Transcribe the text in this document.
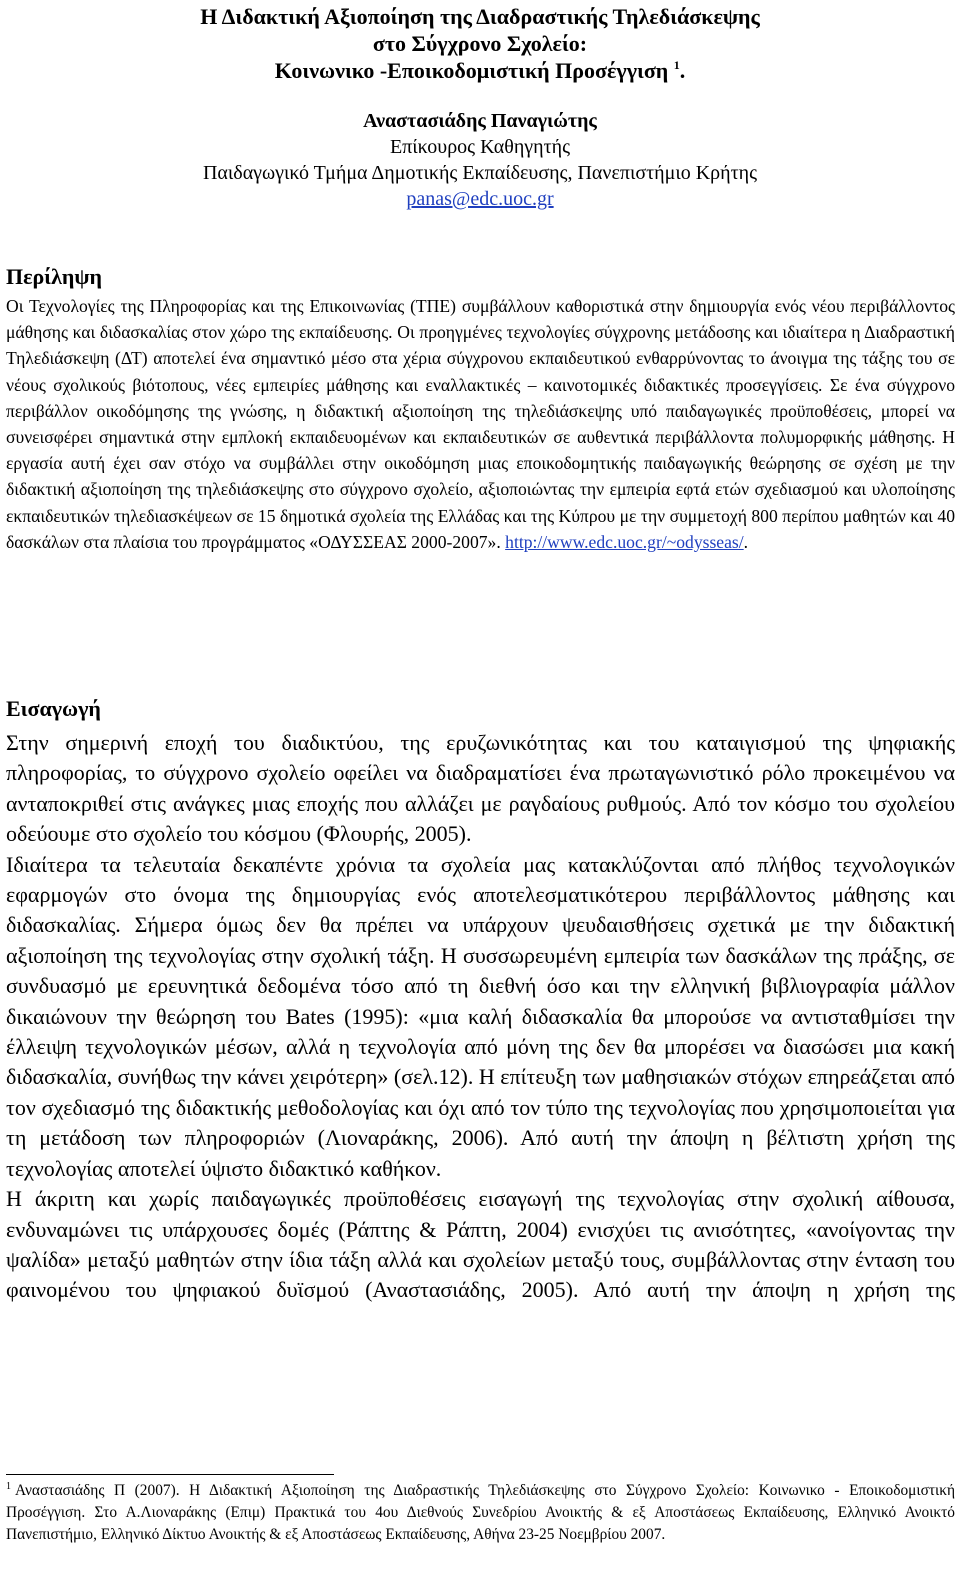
Η Διδακτική Αξιοποίηση της Διαδραστικής Τηλεδιάσκεψης
στο Σύγχρονο Σχολείο:
Κοινωνικο -Εποικοδομιστική Προσέγγιση $^1$.
Αναστασιάδης Παναγιώτης
Επίκουρος Καθηγητής
Παιδαγωγικό Τμήμα Δημοτικής Εκπαίδευσης, Πανεπιστήμιο Κρήτης
panas@edc.uoc.gr
Περίληψη
Οι Τεχνολογίες της Πληροφορίας και της Επικοινωνίας (ΤΠΕ) συμβάλλουν καθοριστικά στην δημιουργία ενός νέου περιβάλλοντος μάθησης και διδασκαλίας στον χώρο της εκπαίδευσης. Οι προηγμένες τεχνολογίες σύγχρονης μετάδοσης και ιδιαίτερα η Διαδραστική Τηλεδιάσκεψη (ΔΤ) αποτελεί ένα σημαντικό μέσο στα χέρια σύγχρονου εκπαιδευτικού ενθαρρύνοντας το άνοιγμα της τάξης του σε νέους σχολικούς βιότοπους, νέες εμπειρίες μάθησης και εναλλακτικές – καινοτομικές διδακτικές προσεγγίσεις. Σε ένα σύγχρονο περιβάλλον οικοδόμησης της γνώσης, η διδακτική αξιοποίηση της τηλεδιάσκεψης υπό παιδαγωγικές προϋποθέσεις, μπορεί να συνεισφέρει σημαντικά στην εμπλοκή εκπαιδευομένων και εκπαιδευτικών σε αυθεντικά περιβάλλοντα πολυμορφικής μάθησης. Η εργασία αυτή έχει σαν στόχο να συμβάλλει στην οικοδόμηση μιας εποικοδομητικής παιδαγωγικής θεώρησης σε σχέση με την διδακτική αξιοποίηση της τηλεδιάσκεψης στο σύγχρονο σχολείο, αξιοποιώντας την εμπειρία εφτά ετών σχεδιασμού και υλοποίησης εκπαιδευτικών τηλεδιασκέψεων σε 15 δημοτικά σχολεία της Ελλάδας και της Κύπρου με την συμμετοχή 800 περίπου μαθητών και 40 δασκάλων στα πλαίσια του προγράμματος «ΟΔΥΣΣΕΑΣ 2000-2007». http://www.edc.uoc.gr/~odysseas/.
Εισαγωγή

Στην σημερινή εποχή του διαδικτύου, της ερυζωνικότητας και του καταιγισμού της ψηφιακής πληροφορίας, το σύγχρονο σχολείο οφείλει να διαδραματίσει ένα πρωταγωνιστικό ρόλο προκειμένου να ανταποκριθεί στις ανάγκες μιας εποχής που αλλάζει με ραγδαίους ρυθμούς. Από τον κόσμο του σχολείου οδεύουμε στο σχολείο του κόσμου (Φλουρής, 2005).

Ιδιαίτερα τα τελευταία δεκαπέντε χρόνια τα σχολεία μας κατακλύζονται από πλήθος τεχνολογικών εφαρμογών στο όνομα της δημιουργίας ενός αποτελεσματικότερου περιβάλλοντος μάθησης και διδασκαλίας. Σήμερα όμως δεν θα πρέπει να υπάρχουν ψευδαισθήσεις σχετικά με την διδακτική αξιοποίηση της τεχνολογίας στην σχολική τάξη. Η συσσωρευμένη εμπειρία των δασκάλων της πράξης, σε συνδυασμό με ερευνητικά δεδομένα τόσο από τη διεθνή όσο και την ελληνική βιβλιογραφία μάλλον δικαιώνουν την θεώρηση του Bates (1995): «μια καλή διδασκαλία θα μπορούσε να αντισταθμίσει την έλλειψη τεχνολογικών μέσων, αλλά η τεχνολογία από μόνη της δεν θα μπορέσει να διασώσει μια κακή διδασκαλία, συνήθως την κάνει χειρότερη» (σελ.12). Η επίτευξη των μαθησιακών στόχων επηρεάζεται από τον σχεδιασμό της διδακτικής μεθοδολογίας και όχι από τον τύπο της τεχνολογίας που χρησιμοποιείται για τη μετάδοση των πληροφοριών (Λιοναράκης, 2006). Από αυτή την άποψη η βέλτιστη χρήση της τεχνολογίας αποτελεί ύψιστο διδακτικό καθήκον.

Η άκριτη και χωρίς παιδαγωγικές προϋποθέσεις εισαγωγή της τεχνολογίας στην σχολική αίθουσα, ενδυναμώνει τις υπάρχουσες δομές (Ράπτης & Ράπτη, 2004) ενισχύει τις ανισότητες, «ανοίγοντας την ψαλίδα» μεταξύ μαθητών στην ίδια τάξη αλλά και σχολείων μεταξύ τους, συμβάλλοντας στην ένταση του φαινομένου του ψηφιακού δυϊσμού (Αναστασιάδης, 2005). Από αυτή την άποψη η χρήση της

$^1$ Αναστασιάδης Π (2007). Η Διδακτική Αξιοποίηση της Διαδραστικής Τηλεδιάσκεψης στο Σύγχρονο Σχολείο: Κοινωνικο - Εποικοδομιστική Προσέγγιση. Στο Α.Λιοναράκης (Επιμ) Πρακτικά του 4ου Διεθνούς Συνεδρίου Ανοικτής & εξ Αποστάσεως Εκπαίδευσης, Ελληνικό Ανοικτό Πανεπιστήμιο, Ελληνικό Δίκτυο Ανοικτής & εξ Αποστάσεως Εκπαίδευσης, Αθήνα 23-25 Νοεμβρίου 2007.
